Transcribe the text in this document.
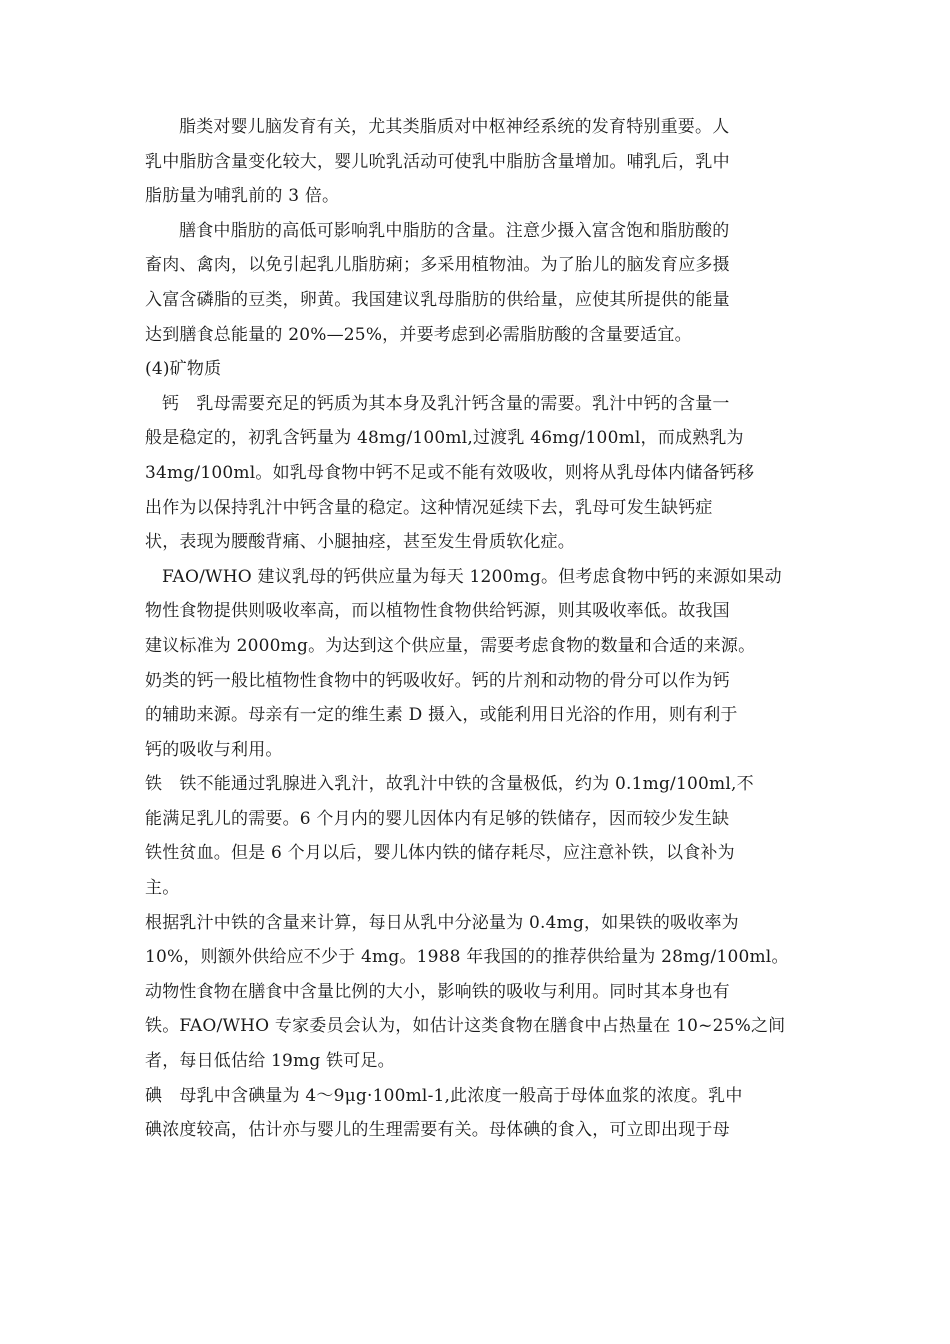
脂类对婴儿脑发育有关，尤其类脂质对中枢神经系统的发育特别重要。人
乳中脂肪含量变化较大，婴儿吮乳活动可使乳中脂肪含量增加。哺乳后，乳中
脂肪量为哺乳前的 3 倍。
膳食中脂肪的高低可影响乳中脂肪的含量。注意少摄入富含饱和脂肪酸的
畜肉、禽肉，以免引起乳儿脂肪痢；多采用植物油。为了胎儿的脑发育应多摄
入富含磷脂的豆类，卵黄。我国建议乳母脂肪的供给量，应使其所提供的能量
达到膳食总能量的 20%—25%，并要考虑到必需脂肪酸的含量要适宜。
(4)矿物质
钙　乳母需要充足的钙质为其本身及乳汁钙含量的需要。乳汁中钙的含量一
般是稳定的，初乳含钙量为 48mg/100ml,过渡乳 46mg/100ml，而成熟乳为
34mg/100ml。如乳母食物中钙不足或不能有效吸收，则将从乳母体内储备钙移
出作为以保持乳汁中钙含量的稳定。这种情况延续下去，乳母可发生缺钙症
状，表现为腰酸背痛、小腿抽痉，甚至发生骨质软化症。
FAO/WHO 建议乳母的钙供应量为每天 1200mg。但考虑食物中钙的来源如果动
物性食物提供则吸收率高，而以植物性食物供给钙源，则其吸收率低。故我国
建议标准为 2000mg。为达到这个供应量，需要考虑食物的数量和合适的来源。
奶类的钙一般比植物性食物中的钙吸收好。钙的片剂和动物的骨分可以作为钙
的辅助来源。母亲有一定的维生素 D 摄入，或能利用日光浴的作用，则有利于
钙的吸收与利用。
铁　铁不能通过乳腺进入乳汁，故乳汁中铁的含量极低，约为 0.1mg/100ml,不
能满足乳儿的需要。6 个月内的婴儿因体内有足够的铁储存，因而较少发生缺
铁性贫血。但是 6 个月以后，婴儿体内铁的储存耗尽，应注意补铁，以食补为
主。
根据乳汁中铁的含量来计算，每日从乳中分泌量为 0.4mg，如果铁的吸收率为
10%，则额外供给应不少于 4mg。1988 年我国的的推荐供给量为 28mg/100ml。
动物性食物在膳食中含量比例的大小，影响铁的吸收与利用。同时其本身也有
铁。FAO/WHO 专家委员会认为，如估计这类食物在膳食中占热量在 10~25%之间
者，每日低估给 19mg 铁可足。
碘　母乳中含碘量为 4～9μg·100ml-1,此浓度一般高于母体血浆的浓度。乳中
碘浓度较高，估计亦与婴儿的生理需要有关。母体碘的食入，可立即出现于母
